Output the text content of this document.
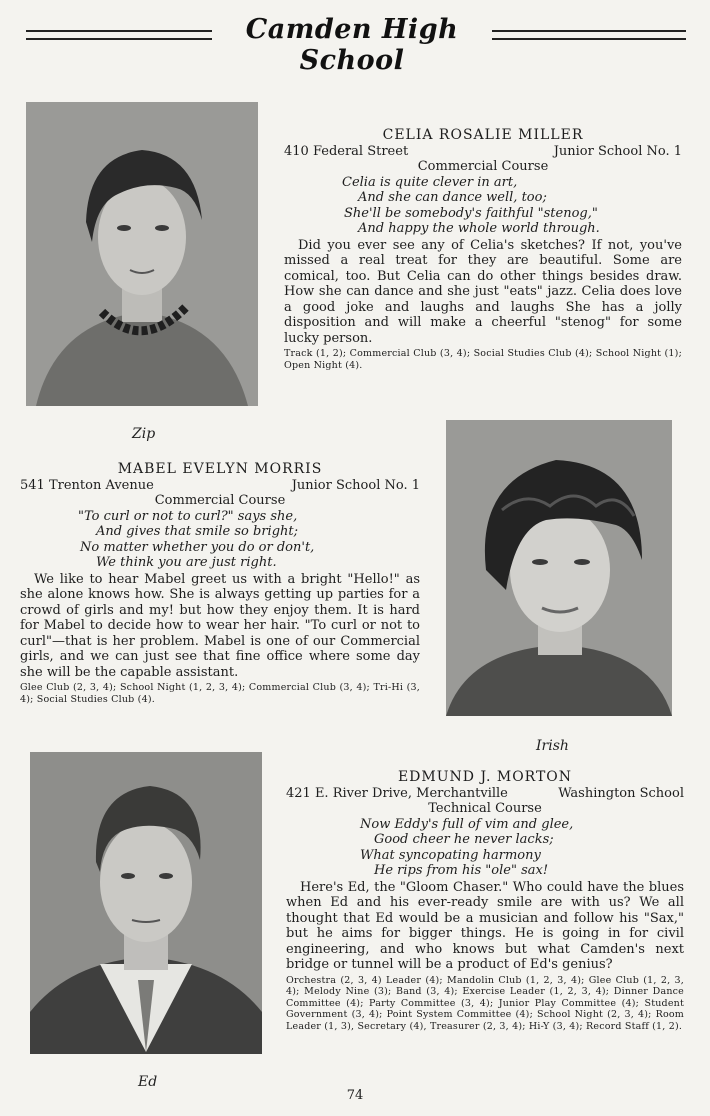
Camden High School
Zip
CELIA ROSALIE MILLER
410 Federal Street	Junior School No. 1
Commercial Course
Celia is quite clever in art,
And she can dance well, too;
She'll be somebody's faithful "stenog,"
And happy the whole world through.
Did you ever see any of Celia's sketches? If not, you've missed a real treat for they are beautiful. Some are comical, too. But Celia can do other things besides draw. How she can dance and she just "eats" jazz. Celia does love a good joke and laughs and laughs She has a jolly disposition and will make a cheerful "stenog" for some lucky person.
Track (1, 2); Commercial Club (3, 4); Social Studies Club (4); School Night (1); Open Night (4).
MABEL EVELYN MORRIS
541 Trenton Avenue	Junior School No. 1
Commercial Course
"To curl or not to curl?" says she,
And gives that smile so bright;
No matter whether you do or don't,
We think you are just right.
We like to hear Mabel greet us with a bright "Hello!" as she alone knows how. She is always getting up parties for a crowd of girls and my! but how they enjoy them. It is hard for Mabel to decide how to wear her hair. "To curl or not to curl"—that is her problem. Mabel is one of our Commercial girls, and we can just see that fine office where some day she will be the capable assistant.
Glee Club (2, 3, 4); School Night (1, 2, 3, 4); Commercial Club (3, 4); Tri-Hi (3, 4); Social Studies Club (4).
Irish
Ed
EDMUND J. MORTON
421 E. River Drive, Merchantville	Washington School
Technical Course
Now Eddy's full of vim and glee,
Good cheer he never lacks;
What syncopating harmony
He rips from his "ole" sax!
Here's Ed, the "Gloom Chaser." Who could have the blues when Ed and his ever-ready smile are with us? We all thought that Ed would be a musician and follow his "Sax," but he aims for bigger things. He is going in for civil engineering, and who knows but what Camden's next bridge or tunnel will be a product of Ed's genius?
Orchestra (2, 3, 4) Leader (4); Mandolin Club (1, 2, 3, 4); Glee Club (1, 2, 3, 4); Melody Nine (3); Band (3, 4); Exercise Leader (1, 2, 3, 4); Dinner Dance Committee (4); Party Committee (3, 4); Junior Play Committee (4); Student Government (3, 4); Point System Committee (4); School Night (2, 3, 4); Room Leader (1, 3), Secretary (4), Treasurer (2, 3, 4); Hi-Y (3, 4); Record Staff (1, 2).
74
